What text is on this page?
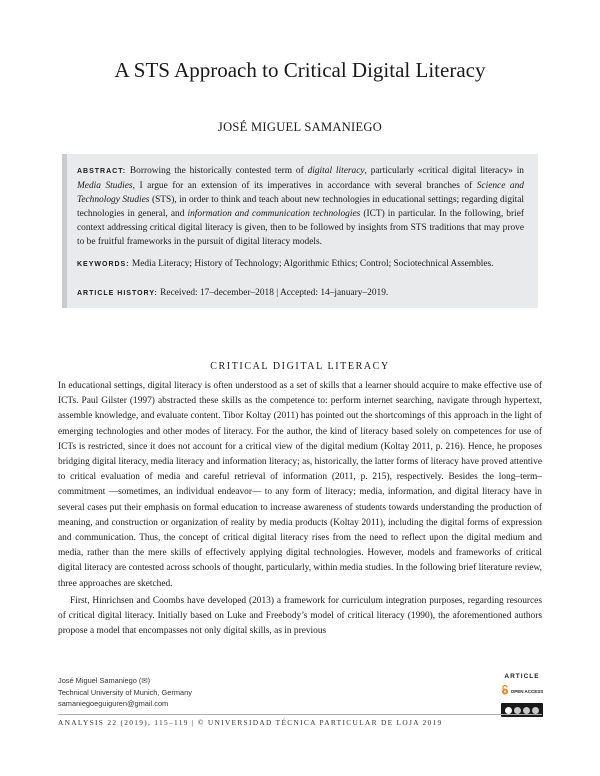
A STS Approach to Critical Digital Literacy
JOSÉ MIGUEL SAMANIEGO

ABSTRACT: Borrowing the historically contested term of digital literacy, particularly «critical digital literacy» in Media Studies, I argue for an extension of its imperatives in accordance with several branches of Science and Technology Studies (STS), in order to think and teach about new technologies in educational settings; regarding digital technologies in general, and information and communication technologies (ICT) in particular. In the following, brief context addressing critical digital literacy is given, then to be followed by insights from STS traditions that may prove to be fruitful frameworks in the pursuit of digital literacy models.

KEYWORDS: Media Literacy; History of Technology; Algorithmic Ethics; Control; Sociotechnical Assembles.

ARTICLE HISTORY: Received: 17–december–2018 | Accepted: 14–january–2019.

CRITICAL DIGITAL LITERACY

In educational settings, digital literacy is often understood as a set of skills that a learner should acquire to make effective use of ICTs. Paul Gilster (1997) abstracted these skills as the competence to: perform internet searching, navigate through hypertext, assemble knowledge, and evaluate content. Tibor Koltay (2011) has pointed out the shortcomings of this approach in the light of emerging technologies and other modes of literacy. For the author, the kind of literacy based solely on competences for use of ICTs is restricted, since it does not account for a critical view of the digital medium (Koltay 2011, p. 216). Hence, he proposes bridging digital literacy, media literacy and information literacy; as, historically, the latter forms of literacy have proved attentive to critical evaluation of media and careful retrieval of information (2011, p. 215), respectively. Besides the long–term–commitment —sometimes, an individual endeavor— to any form of literacy; media, information, and digital literacy have in several cases put their emphasis on formal education to increase awareness of students towards understanding the production of meaning, and construction or organization of reality by media products (Koltay 2011), including the digital forms of expression and communication. Thus, the concept of critical digital literacy rises from the need to reflect upon the digital medium and media, rather than the mere skills of effectively applying digital technologies. However, models and frameworks of critical digital literacy are contested across schools of thought, particularly, within media studies. In the following brief literature review, three approaches are sketched.

First, Hinrichsen and Coombs have developed (2013) a framework for curriculum integration purposes, regarding resources of critical digital literacy. Initially based on Luke and Freebody’s model of critical literacy (1990), the aforementioned authors propose a model that encompasses not only digital skills, as in previous

José Miguel Samaniego (✉)
Technical University of Munich, Germany
samaniegoeguiguren@gmail.com
ARTICLE
OPEN ACCESS
ANALYSIS 22 (2019), 115–119 | © UNIVERSIDAD TÉCNICA PARTICULAR DE LOJA 2019
